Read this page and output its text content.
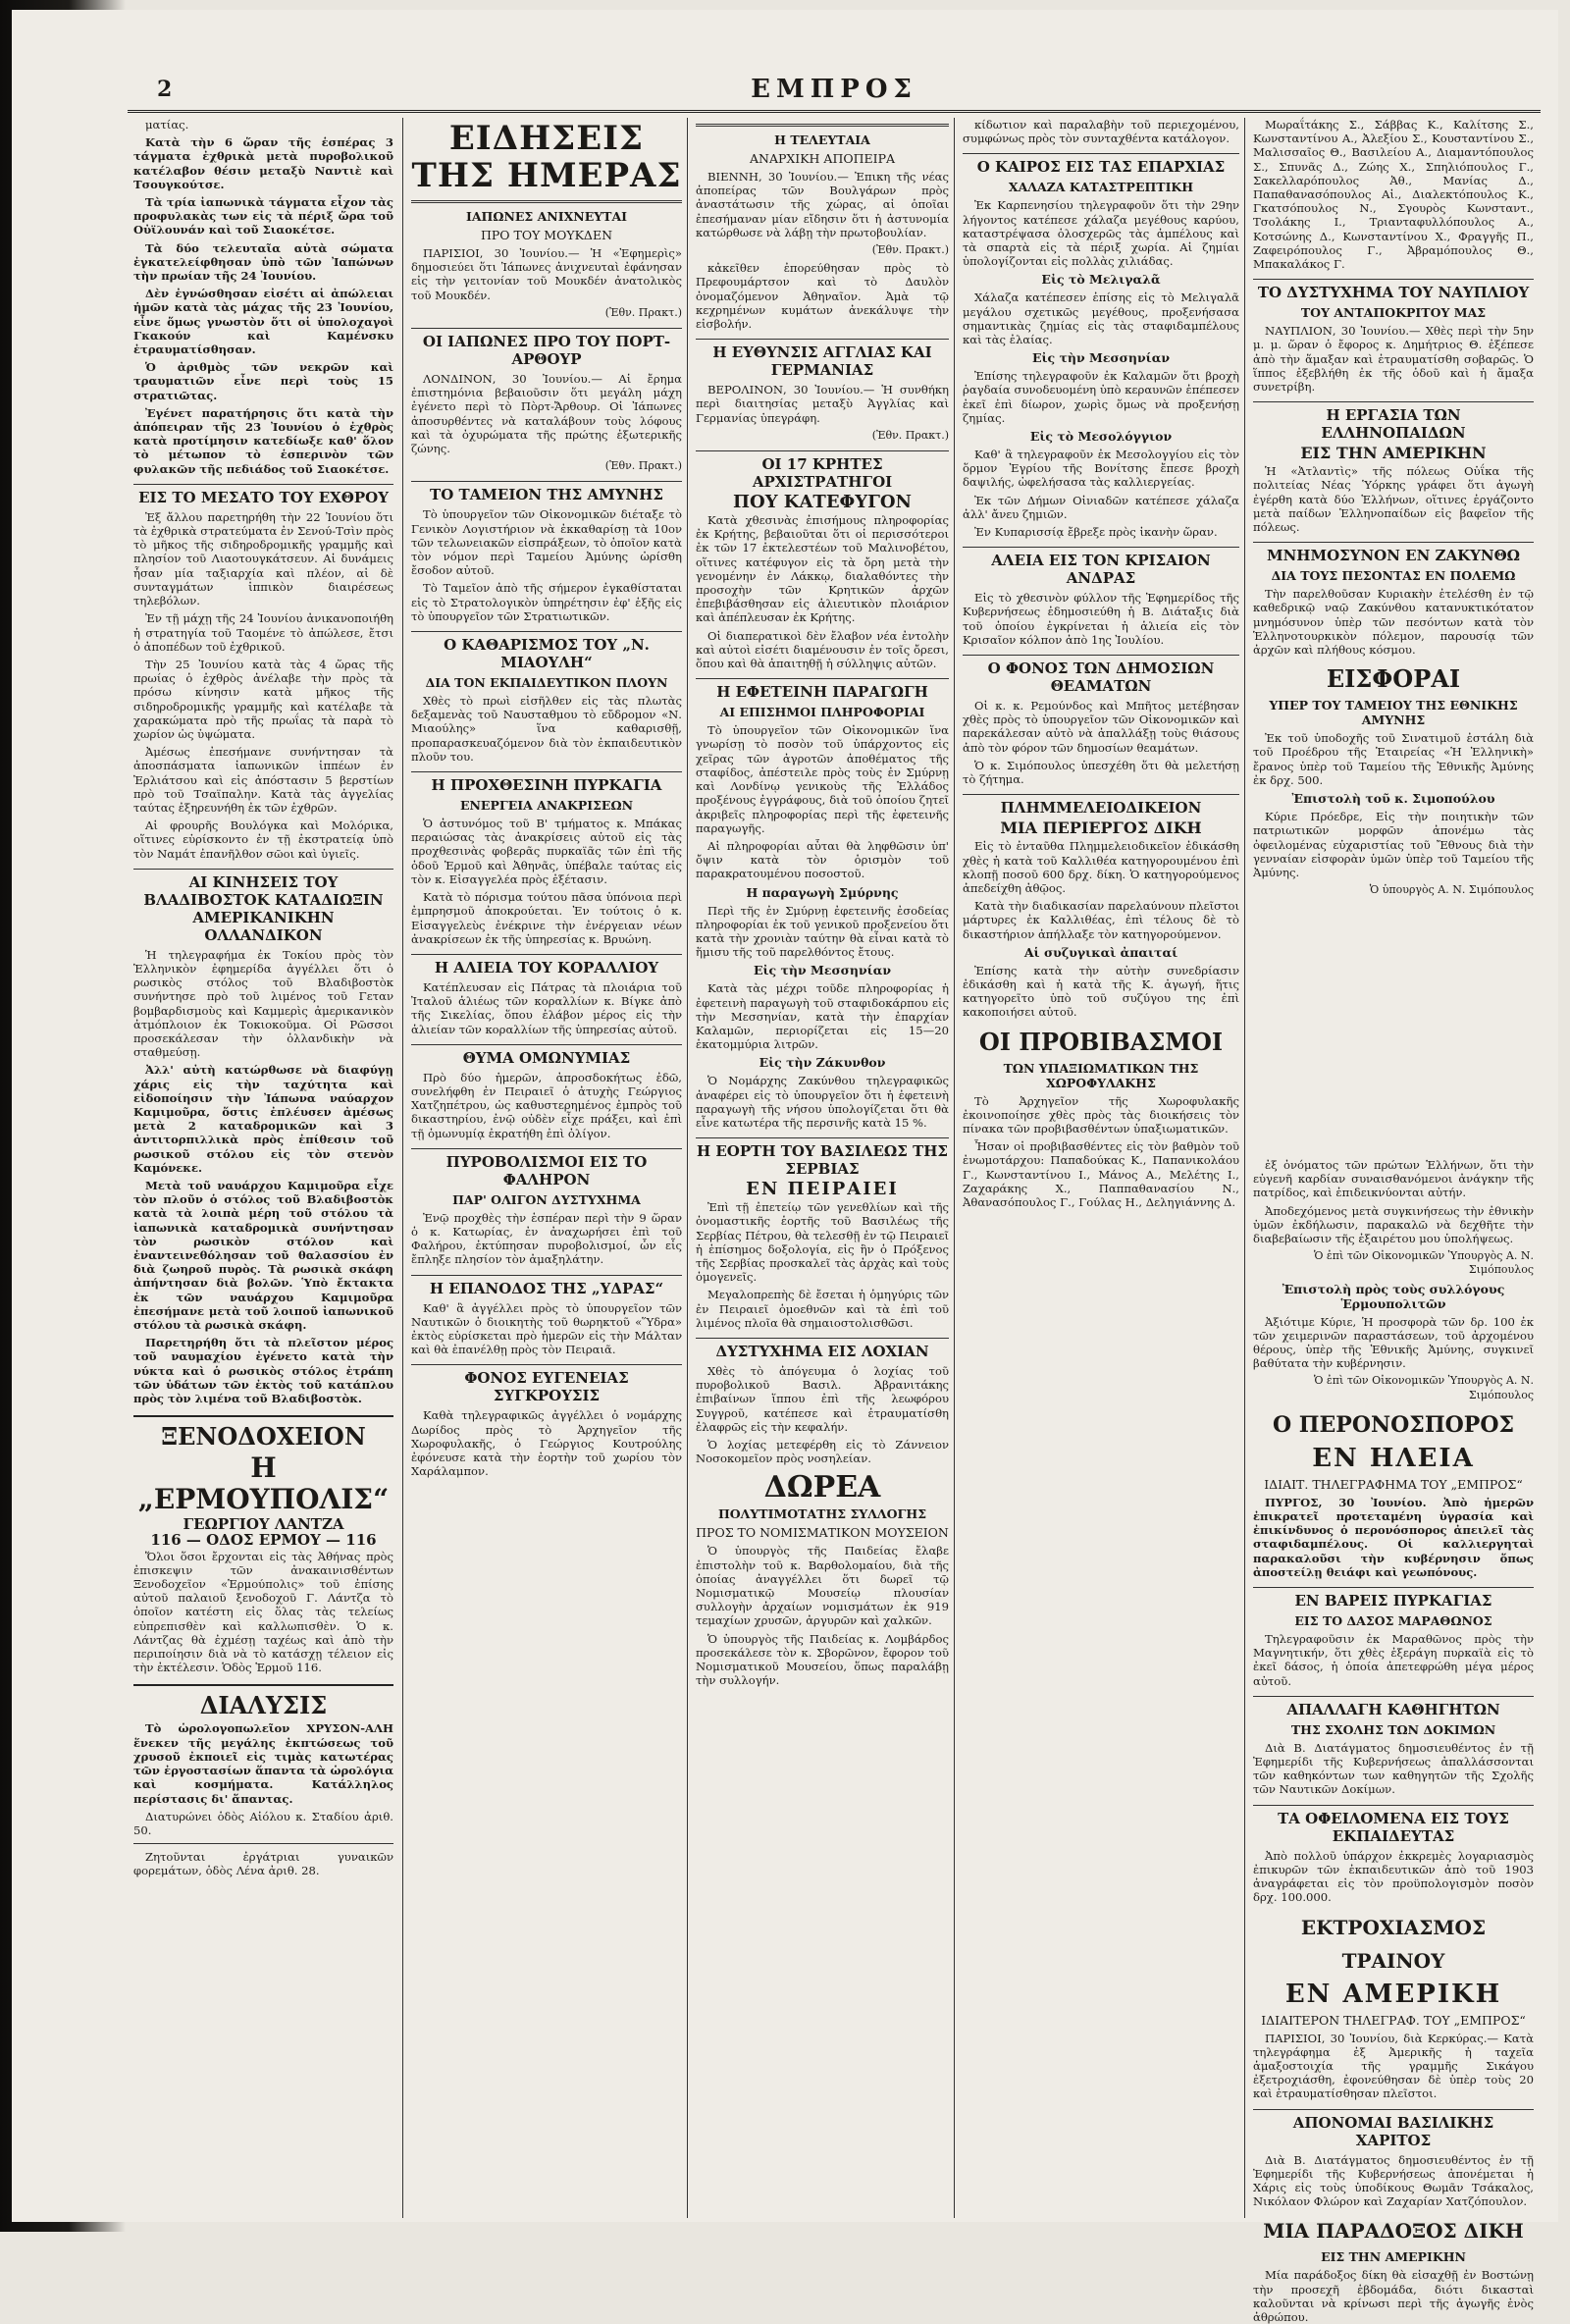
2	ΕΜΠΡΟΣ

ματίας.

Κατὰ τὴν 6 ὥραν τῆς ἑσπέρας 3 τάγματα ἐχθρικὰ μετὰ πυροβολικοῦ κατέλαβον θέσιν μεταξὺ Ναντιὲ καὶ Τσουγκούτσε.

Τὰ τρία ἰαπωνικὰ τάγματα εἶχον τὰς προφυλακὰς των εἰς τὰ πέριξ ὥρα τοῦ Οὐϊλουνάν καὶ τοῦ Σιαοκέτσε.

Τὰ δύο τελευταῖα αὐτὰ σώματα ἐγκατελείφθησαν ὑπὸ τῶν Ἰαπώνων τὴν πρωίαν τῆς 24 Ἰουνίου.

Δὲν ἐγνώσθησαν εἰσέτι αἱ ἀπώλειαι ἡμῶν κατὰ τὰς μάχας τῆς 23 Ἰουνίου, εἶνε ὅμως γνωστὸν ὅτι οἱ ὑπολοχαγοὶ Γκακούν καὶ Καμένσκυ ἐτραυματίσθησαν.

Ὁ ἀριθμὸς τῶν νεκρῶν καὶ τραυματιῶν εἶνε περὶ τοὺς 15 στρατιῶτας.

Ἐγένετ παρατήρησις ὅτι κατὰ τὴν ἀπόπειραν τῆς 23 Ἰουνίου ὁ ἐχθρὸς κατὰ προτίμησιν κατεδίωξε καθ' ὅλον τὸ μέτωπον τὸ ἑσπερινὸν τῶν φυλακῶν τῆς πεδιάδος τοῦ Σιαοκέτσε.

ΕΙΣ ΤΟ ΜΕΣΑΤΟ ΤΟΥ ΕΧΘΡΟΥ

Ἐξ ἄλλου παρετηρήθη τὴν 22 Ἰουνίου ὅτι τὰ ἐχθρικὰ στρατεύματα ἐν Σενού-Τσὶν πρὸς τὸ μῆκος τῆς σιδηροδρομικῆς γραμμῆς καὶ πλησίον τοῦ Λιαοτουγκάτσευν. Αἱ δυνάμεις ἦσαν μία ταξιαρχία καὶ πλέον, αἱ δὲ συνταγμάτων ἱππικὸν διαιρέσεως τηλεβόλων.

Ἐν τῇ μάχῃ τῆς 24 Ἰουνίου ἀνικανοποιήθη ἡ στρατηγία τοῦ Ταομένε τὸ ἀπώλεσε, ἔτσι ὁ ἀποπέδων τοῦ ἐχθρικοῦ.

Τὴν 25 Ἰουνίου κατὰ τὰς 4 ὥρας τῆς πρωίας ὁ ἐχθρὸς ἀνέλαβε τὴν πρὸς τὰ πρόσω κίνησιν κατὰ μῆκος τῆς σιδηροδρομικῆς γραμμῆς καὶ κατέλαβε τὰ χαρακώματα πρὸ τῆς πρωΐας τὰ παρὰ τὸ χωρίον ὡς ὑψώματα.

Ἀμέσως ἐπεσήμανε συνήντησαν τὰ ἀποσπάσματα ἰαπωνικῶν ἱππέων ἐν Ἐρλιάτσου καὶ εἰς ἀπόστασιν 5 βερστίων πρὸ τοῦ Τσαϊπαλην. Κατὰ τὰς ἀγγελίας ταύτας ἐξηρευνήθη ἐκ τῶν ἐχθρῶν.

Αἱ φρουρῆς Βουλόγκα καὶ Μολόρικα, οἵτινες εὑρίσκοντο ἐν τῇ ἐκστρατείᾳ ὑπὸ τὸν Ναμάτ ἐπανῆλθον σῶοι καὶ ὑγιεῖς.

ΑΙ ΚΙΝΗΣΕΙΣ ΤΟΥ ΒΛΑΔΙΒΟΣΤΟΚ ΚΑΤΑΔΙΩΞΙΝ ΑΜΕΡΙΚΑΝΙΚΗΝ ΟΛΛΑΝΔΙΚΟΝ

Ἡ τηλεγραφήμα ἐκ Τοκίου πρὸς τὸν Ἑλληνικὸν ἐφημερίδα ἀγγέλλει ὅτι ὁ ρωσικὸς στόλος τοῦ Βλαδιβοστὸκ συνήντησε πρὸ τοῦ λιμένος τοῦ Γεταν βομβαρδισμοὺς καὶ Καμμερὶς ἀμερικανικὸν ἀτμόπλοιον ἐκ Τοκιοκοῦμα. Οἱ Ρῶσσοι προσεκάλεσαν τὴν ὁλλανδικὴν νὰ σταθμεύσῃ.

Ἀλλ' αὐτὴ κατώρθωσε νὰ διαφύγῃ χάρις εἰς τὴν ταχύτητα καὶ εἰδοποίησιν τὴν Ἰάπωνα ναύαρχον Καμιμοῦρα, ὅστις ἐπλέυσεν ἀμέσως μετὰ 2 καταδρομικῶν καὶ 3 ἀντιτορπιλλικὰ πρὸς ἐπίθεσιν τοῦ ρωσικοῦ στόλου εἰς τὸν στενὸν Καμόνεκε.

Μετὰ τοῦ ναυάρχου Καμιμοῦρα εἶχε τὸν πλοῦν ὁ στόλος τοῦ Βλαδιβοστὸκ κατὰ τὰ λοιπὰ μέρη τοῦ στόλου τὰ ἰαπωνικὰ καταδρομικὰ συνήντησαν τὸν ρωσικὸν στόλον καὶ ἐναντεινεθόλησαν τοῦ θαλασσίου ἐν διὰ ζωηροῦ πυρὸς. Τὰ ρωσικὰ σκάφη ἀπήντησαν διὰ βολῶν. Ὑπὸ ἔκτακτα ἐκ τῶν ναυάρχου Καμιμοῦρα ἐπεσήμανε μετὰ τοῦ λοιποῦ ἰαπωνικοῦ στόλου τὰ ρωσικὰ σκάφη.

Παρετηρήθη ὅτι τὰ πλεῖστον μέρος τοῦ ναυμαχίου ἐγένετο κατὰ τὴν νύκτα καὶ ὁ ρωσικὸς στόλος ἐτράπη τῶν ὑδάτων τῶν ἐκτὸς τοῦ κατάπλου πρὸς τὸν λιμένα τοῦ Βλαδιβοστὸκ.

ΞΕΝΟΔΟΧΕΙΟΝ
Η „ΕΡΜΟΥΠΟΛΙΣ“
ΓΕΩΡΓΙΟΥ ΛΑΝΤΖΑ
116 — ΟΔΟΣ ΕΡΜΟΥ — 116

Ὅλοι ὅσοι ἔρχονται εἰς τὰς Ἀθήνας πρὸς ἐπισκεψιν τῶν ἀνακαινισθέντων Ξενοδοχεῖον «Ἑρμούπολις» τοῦ ἐπίσης αὐτοῦ παλαιοῦ ξενοδοχοῦ Γ. Λάντζα τὸ ὁποῖον κατέστη εἰς ὅλας τὰς τελείως εὐπρεπισθὲν καὶ καλλωπισθὲν. Ὁ κ. Λάντζας θὰ ἐχμέσῃ ταχέως καὶ ἀπὸ τὴν περιποίησιν διὰ νὰ τὸ κατάσχῃ τέλειον εἰς τὴν ἐκτέλεσιν. Ὁδὸς Ἑρμοῦ 116.

ΔΙΑΛΥΣΙΣ

Τὸ ὡρολογοπωλεῖον ΧΡΥΣΟΝ-ΑΛΗ ἕνεκεν τῆς μεγάλης ἐκπτώσεως τοῦ χρυσοῦ ἐκποιεῖ εἰς τιμὰς κατωτέρας τῶν ἐργοστασίων ἅπαντα τὰ ὡρολόγια καὶ κοσμήματα. Κατάλληλος περίστασις δι' ἅπαντας.

Διατυρώνει ὁδὸς Αἰόλου κ. Σταδίου ἀριθ. 50.

Ζητοῦνται ἐργάτριαι γυναικῶν φορεμάτων, ὁδὸς Λένα ἀριθ. 28.

ΕΙΔΗΣΕΙΣ ΤΗΣ ΗΜΕΡΑΣ
ΙΑΠΩΝΕΣ ΑΝΙΧΝΕΥΤΑΙ
ΠΡΟ ΤΟΥ ΜΟΥΚΔΕΝ

ΠΑΡΙΣΙΟΙ, 30 Ἰουνίου.— Ἡ «Ἐφημερὶς» δημοσιεύει ὅτι Ἰάπωνες ἀνιχνευταὶ ἐφάνησαν εἰς τὴν γειτονίαν τοῦ Μουκδέν ἀνατολικὸς τοῦ Μουκδέν.

(Ἐθν. Πρακτ.)
ΟΙ ΙΑΠΩΝΕΣ ΠΡΟ ΤΟΥ ΠΟΡΤ-ΑΡΘΟΥΡ

ΛΟΝΔΙΝΟΝ, 30 Ἰουνίου.— Αἱ ἔρημα ἐπιστημόνια βεβαιοῦσιν ὅτι μεγάλη μάχη ἐγένετο περὶ τὸ Πὸρτ-Ἄρθουρ. Οἱ Ἰάπωνες ἀποσυρθέντες νὰ καταλάβουν τοὺς λόφους καὶ τὰ ὀχυρώματα τῆς πρώτης ἐξωτερικῆς ζώνης.

(Ἐθν. Πρακτ.)
ΤΟ ΤΑΜΕΙΟΝ ΤΗΣ ΑΜΥΝΗΣ

Τὸ ὑπουργεῖον τῶν Οἰκονομικῶν διέταξε τὸ Γενικὸν Λογιστήριον νὰ ἐκκαθαρίσῃ τὰ 10ον τῶν τελωνειακῶν εἰσπράξεων, τὸ ὁποῖον κατὰ τὸν νόμον περὶ Ταμείου Ἀμύνης ὡρίσθη ἔσοδον αὐτοῦ.

Τὸ Ταμεῖον ἀπὸ τῆς σήμερον ἐγκαθίσταται εἰς τὸ Στρατολογικὸν ὑπηρέτησιν ἐφ' ἑξῆς εἰς τὸ ὑπουργεῖον τῶν Στρατιωτικῶν.

Ο ΚΑΘΑΡΙΣΜΟΣ ΤΟΥ „Ν. ΜΙΑΟΥΛΗ“
ΔΙΑ ΤΟΝ ΕΚΠΑΙΔΕΥΤΙΚΟΝ ΠΛΟΥΝ

Χθὲς τὸ πρωὶ εἰσῆλθεν εἰς τὰς πλωτὰς δεξαμενὰς τοῦ Ναυσταθμου τὸ εὔδρομον «Ν. Μιαούλης» ἵνα καθαρισθῇ, προπαρασκευαζόμενον διὰ τὸν ἐκπαιδευτικὸν πλοῦν του.

Η ΠΡΟΧΘΕΣΙΝΗ ΠΥΡΚΑΓΙΑ
ΕΝΕΡΓΕΙΑ ΑΝΑΚΡΙΣΕΩΝ

Ὁ ἀστυνόμος τοῦ Β' τμήματος κ. Μπάκας περαιώσας τὰς ἀνακρίσεις αὐτοῦ εἰς τὰς προχθεσινὰς φοβερᾶς πυρκαϊᾶς τῶν ἐπὶ τῆς ὁδοῦ Ἑρμοῦ καὶ Ἀθηνᾶς, ὑπέβαλε ταύτας εἰς τὸν κ. Εἰσαγγελέα πρὸς ἐξέτασιν.

Κατὰ τὸ πόρισμα τούτου πᾶσα ὑπόνοια περὶ ἐμπρησμοῦ ἀποκρούεται. Ἐν τούτοις ὁ κ. Εἰσαγγελεὺς ἐνέκρινε τὴν ἐνέργειαν νέων ἀνακρίσεων ἐκ τῆς ὑπηρεσίας κ. Βρυώνη.

Η ΑΛΙΕΙΑ ΤΟΥ ΚΟΡΑΛΛΙΟΥ

Κατέπλευσαν εἰς Πάτρας τὰ πλοιάρια τοῦ Ἰταλοῦ ἁλιέως τῶν κοραλλίων κ. Βίγκε ἀπὸ τῆς Σικελίας, ὅπου ἐλάβον μέρος εἰς τὴν ἁλιείαν τῶν κοραλλίων τῆς ὑπηρεσίας αὐτοῦ.

ΘΥΜΑ ΟΜΩΝΥΜΙΑΣ

Πρὸ δύο ἡμερῶν, ἀπροσδοκήτως ἐδῶ, συνελήφθη ἐν Πειραιεῖ ὁ ἀτυχὴς Γεώργιος Χατζηπέτρου, ὡς καθυστερημένος ἐμπρὸς τοῦ δικαστηρίου, ἐνῷ οὐδὲν εἶχε πράξει, καὶ ἐπὶ τῇ ὁμωνυμίᾳ ἐκρατήθη ἐπὶ ὀλίγον.

ΠΥΡΟΒΟΛΙΣΜΟΙ ΕΙΣ ΤΟ ΦΑΛΗΡΟΝ
ΠΑΡ' ΟΛΙΓΟΝ ΔΥΣΤΥΧΗΜΑ

Ἐνῷ πρoχθὲς τὴν ἑσπέραν περὶ τὴν 9 ὥραν ὁ κ. Κατωρίας, ἐν ἀναχωρήσει ἐπὶ τοῦ Φαλήρου, ἐκτύπησαν πυροβολισμοί, ὧν εἷς ἔπληξε πλησίον τὸν ἀμαξηλάτην.

Η ΕΠΑΝΟΔΟΣ ΤΗΣ „ΥΔΡΑΣ“

Καθ' ἃ ἀγγέλλει πρὸς τὸ ὑπουργεῖον τῶν Ναυτικῶν ὁ διοικητὴς τοῦ θωρηκτοῦ «Ὕδρα» ἐκτὸς εὑρίσκεται πρὸ ἡμερῶν εἰς τὴν Μάλταν καὶ θὰ ἐπανέλθῃ πρὸς τὸν Πειραιᾶ.

ΦΟΝΟΣ ΕΥΓΕΝΕΙΑΣ ΣΥΓΚΡΟΥΣΙΣ

Καθὰ τηλεγραφικῶς ἀγγέλλει ὁ νομάρχης Δωρίδος πρὸς τὸ Ἀρχηγεῖον τῆς Χωροφυλακῆς, ὁ Γεώργιος Κουτρούλης ἐφόνευσε κατὰ τὴν ἐορτὴν τοῦ χωρίου τὸν Χαράλαμπον.

Η ΤΕΛΕΥΤΑΙΑ
ΑΝΑΡΧΙΚΗ ΑΠΟΠΕΙΡΑ

ΒΙΕΝΝΗ, 30 Ἰουνίου.— Ἐπικη τῆς νέας ἀποπείρας τῶν Βουλγάρων πρὸς ἀναστάτωσιν τῆς χώρας, αἱ ὁποῖαι ἐπεσήμαναν μίαν εἴδησιν ὅτι ἡ ἀστυνομία κατώρθωσε νὰ λάβῃ τὴν πρωτοβουλίαν.

(Ἐθν. Πρακτ.)

κἀκεῖθεν ἐπορεύθησαν πρὸς τὸ Πρεφουμάρτσον καὶ τὸ Δαυλὸν ὀνομαζόμενον Ἀθηναῖον. Ἀμὰ τῷ κεχρημένων κυμάτων ἀνεκάλυψε τὴν εἰσβολήν.

Η ΕΥΘΥΝΣΙΣ ΑΓΓΛΙΑΣ ΚΑΙ ΓΕΡΜΑΝΙΑΣ

ΒΕΡΟΛΙΝΟΝ, 30 Ἰουνίου.— Ἡ συνθήκη περὶ διαιτησίας μεταξὺ Ἀγγλίας καὶ Γερμανίας ὑπεγράφη.

(Ἐθν. Πρακτ.)
ΟΙ 17 ΚΡΗΤΕΣ ΑΡΧΙΣΤΡΑΤΗΓΟΙ
ΠΟΥ ΚΑΤΕΦΥΓΟΝ

Κατὰ χθεσινὰς ἐπισήμους πληροφορίας ἐκ Κρήτης, βεβαιοῦται ὅτι οἱ περισσότεροι ἐκ τῶν 17 ἐκτελεστέων τοῦ Μαλινοβέτου, οἵτινες κατέφυγον εἰς τὰ ὄρη μετὰ τὴν γενομένην ἐν Λάκκῳ, διαλαθόντες τὴν προσοχὴν τῶν Κρητικῶν ἀρχῶν ἐπεβιβάσθησαν εἰς ἁλιευτικὸν πλοιάριον καὶ ἀπέπλευσαν ἐκ Κρήτης.

Οἱ διαπερατικοὶ δὲν ἔλαβον νέα ἐντολὴν καὶ αὐτοὶ εἰσέτι διαμένουσιν ἐν τοῖς ὄρεσι, ὅπου καὶ θὰ ἀπαιτηθῇ ἡ σύλληψις αὐτῶν.

Η ΕΦΕΤΕΙΝΗ ΠΑΡΑΓΩΓΗ
ΑΙ ΕΠΙΣΗΜΟΙ ΠΛΗΡΟΦΟΡΙΑΙ

Τὸ ὑπουργεῖον τῶν Οἰκονομικῶν ἵνα γνωρίσῃ τὸ ποσὸν τοῦ ὑπάρχοντος εἰς χεῖρας τῶν ἀγροτῶν ἀποθέματος τῆς σταφίδος, ἀπέστειλε πρὸς τοὺς ἐν Σμύρνῃ καὶ Λονδίνῳ γενικοὺς τῆς Ἑλλάδος προξένους ἐγγράφους, διὰ τοῦ ὁποίου ζητεῖ ἀκριβεῖς πληροφορίας περὶ τῆς ἐφετεινῆς παραγωγῆς.

Αἱ πληροφορίαι αὗται θὰ ληφθῶσιν ὑπ' ὄψιν κατὰ τὸν ὁρισμὸν τοῦ παρακρατουμένου ποσοστοῦ.

Η παραγωγὴ Σμύρνης

Περὶ τῆς ἐν Σμύρνῃ ἐφετεινῆς ἐσοδείας πληροφορίαι ἐκ τοῦ γενικοῦ προξενείου ὅτι κατὰ τὴν χρονιὰν ταύτην θὰ εἶναι κατὰ τὸ ἥμισυ τῆς τοῦ παρελθόντος ἔτους.

Εἰς τὴν Μεσσηνίαν

Κατὰ τὰς μέχρι τοῦδε πληροφορίας ἡ ἐφετεινὴ παραγωγὴ τοῦ σταφιδοκάρπου εἰς τὴν Μεσσηνίαν, κατὰ τὴν ἐπαρχίαν Καλαμῶν, περιορίζεται εἰς 15—20 ἑκατομμύρια λιτρῶν.

Εἰς τὴν Ζάκυνθον

Ὁ Νομάρχης Ζακύνθου τηλεγραφικῶς ἀναφέρει εἰς τὸ ὑπουργεῖον ὅτι ἡ ἐφετεινὴ παραγωγὴ τῆς νήσου ὑπολογίζεται ὅτι θὰ εἶνε κατωτέρα τῆς περσινῆς κατὰ 15 %.

Η ΕΟΡΤΗ ΤΟΥ ΒΑΣΙΛΕΩΣ ΤΗΣ ΣΕΡΒΙΑΣ
ΕΝ ΠΕΙΡΑΙΕΙ

Ἐπὶ τῇ ἐπετείῳ τῶν γενεθλίων καὶ τῆς ὀνομαστικῆς ἑορτῆς τοῦ Βασιλέως τῆς Σερβίας Πέτρου, θὰ τελεσθῇ ἐν τῷ Πειραιεῖ ἡ ἐπίσημος δοξολογία, εἰς ἣν ὁ Πρόξενος τῆς Σερβίας προσκαλεῖ τὰς ἀρχὰς καὶ τοὺς ὁμογενεῖς.

Μεγαλοπρεπὴς δὲ ἔσεται ἡ ὁμηγύρις τῶν ἐν Πειραιεῖ ὁμοεθνῶν καὶ τὰ ἐπὶ τοῦ λιμένος πλοῖα θὰ σημαιοστολισθῶσι.

ΔΥΣΤΥΧΗΜΑ ΕΙΣ ΛΟΧΙΑΝ

Χθὲς τὸ ἀπόγευμα ὁ λοχίας τοῦ πυροβολικοῦ Βασιλ. Ἀβρανιτάκης ἐπιβαίνων ἵππου ἐπὶ τῆς λεωφόρου Συγγροῦ, κατέπεσε καὶ ἐτραυματίσθη ἐλαφρῶς εἰς τὴν κεφαλήν.

Ὁ λοχίας μετεφέρθη εἰς τὸ Ζάννειον Νοσοκομεῖον πρὸς νοσηλείαν.

ΔΩΡΕΑ
ΠΟΛΥΤΙΜΟΤΑΤΗΣ ΣΥΛΛΟΓΗΣ
ΠΡΟΣ ΤΟ ΝΟΜΙΣΜΑΤΙΚΟΝ ΜΟΥΣΕΙΟΝ

Ὁ ὑπουργὸς τῆς Παιδείας ἔλαβε ἐπιστολὴν τοῦ κ. Βαρθολομαίου, διὰ τῆς ὁποίας ἀναγγέλλει ὅτι δωρεῖ τῷ Νομισματικῷ Μουσείῳ πλουσίαν συλλογὴν ἀρχαίων νομισμάτων ἐκ 919 τεμαχίων χρυσῶν, ἀργυρῶν καὶ χαλκῶν.

Ὁ ὑπουργὸς τῆς Παιδείας κ. Λομβάρδος προσεκάλεσε τὸν κ. Σβορῶνον, ἔφορον τοῦ Νομισματικοῦ Μουσείου, ὅπως παραλάβῃ τὴν συλλογήν.

κίδωτιον καὶ παραλαβὴν τοῦ περιεχομένου, συμφώνως πρὸς τὸν συνταχθέντα κατάλογον.

Ο ΚΑΙΡΟΣ ΕΙΣ ΤΑΣ ΕΠΑΡΧΙΑΣ
ΧΑΛΑΖΑ ΚΑΤΑΣΤΡΕΠΤΙΚΗ

Ἐκ Καρπενησίου τηλεγραφοῦν ὅτι τὴν 29ην λήγοντος κατέπεσε χάλαζα μεγέθους καρύου, καταστρέψασα ὁλοσχερῶς τὰς ἀμπέλους καὶ τὰ σπαρτὰ εἰς τὰ πέριξ χωρία. Αἱ ζημίαι ὑπολογίζονται εἰς πολλὰς χιλιάδας.

Εἰς τὸ Μελιγαλᾶ

Χάλαζα κατέπεσεν ἐπίσης εἰς τὸ Μελιγαλᾶ μεγάλου σχετικῶς μεγέθους, προξενήσασα σημαντικὰς ζημίας εἰς τὰς σταφιδαμπέλους καὶ τὰς ἐλαίας.

Εἰς τὴν Μεσσηνίαν

Ἐπίσης τηλεγραφοῦν ἐκ Καλαμῶν ὅτι βροχὴ ῥαγδαία συνοδευομένη ὑπὸ κεραυνῶν ἐπέπεσεν ἐκεῖ ἐπὶ δίωρον, χωρὶς ὅμως νὰ προξενήσῃ ζημίας.

Εἰς τὸ Μεσολόγγιον

Καθ' ἃ τηλεγραφοῦν ἐκ Μεσολογγίου εἰς τὸν ὅρμον Ἐγρίου τῆς Βονίτσης ἔπεσε βροχὴ δαψιλής, ὠφελήσασα τὰς καλλιεργείας.

Ἐκ τῶν Δήμων Οἰνιαδῶν κατέπεσε χάλαζα ἀλλ' ἄνευ ζημιῶν.

Ἐν Κυπαρισσίᾳ ἔβρεξε πρὸς ἱκανὴν ὥραν.

ΑΛΕΙΑ ΕΙΣ ΤΟΝ ΚΡΙΣΑΙΟΝ ΑΝΔΡΑΣ

Εἰς τὸ χθεσινὸν φύλλον τῆς Ἐφημερίδος τῆς Κυβερνήσεως ἐδημοσιεύθη ἡ Β. Διάταξις διὰ τοῦ ὁποίου ἐγκρίνεται ἡ ἁλιεία εἰς τὸν Κρισαῖον κόλπον ἀπὸ 1ης Ἰουλίου.

Ο ΦΟΝΟΣ ΤΩΝ ΔΗΜΟΣΙΩΝ ΘΕΑΜΑΤΩΝ

Οἱ κ. κ. Ρεμούνδος καὶ Μπῆτος μετέβησαν χθὲς πρὸς τὸ ὑπουργεῖον τῶν Οἰκονομικῶν καὶ παρεκάλεσαν αὐτὸ νὰ ἀπαλλάξῃ τοὺς θιάσους ἀπὸ τὸν φόρον τῶν δημοσίων θεαμάτων.

Ὁ κ. Σιμόπουλος ὑπεσχέθη ὅτι θὰ μελετήσῃ τὸ ζήτημα.

ΠΛΗΜΜΕΛΕΙΟΔΙΚΕΙΟΝ
ΜΙΑ ΠΕΡΙΕΡΓΟΣ ΔΙΚΗ

Εἰς τὸ ἐνταῦθα Πλημμελειοδικεῖον ἐδικάσθη χθὲς ἡ κατὰ τοῦ Καλλιθέα κατηγορουμένου ἐπὶ κλοπῇ ποσοῦ 600 δρχ. δίκη. Ὁ κατηγορούμενος ἀπεδείχθη ἀθῷος.

Κατὰ τὴν διαδικασίαν παρελαύνουν πλεῖστοι μάρτυρες ἐκ Καλλιθέας, ἐπὶ τέλους δὲ τὸ δικαστήριον ἀπήλλαξε τὸν κατηγορούμενον.

Αἱ συζυγικαὶ ἀπαιταί

Ἐπίσης κατὰ τὴν αὐτὴν συνεδρίασιν ἐδικάσθη καὶ ἡ κατὰ τῆς Κ. ἀγωγή, ἥτις κατηγορεῖτο ὑπὸ τοῦ συζύγου της ἐπὶ κακοποιήσει αὐτοῦ.

ΟΙ ΠΡΟΒΙΒΑΣΜΟΙ
ΤΩΝ ΥΠΑΞΙΩΜΑΤΙΚΩΝ ΤΗΣ ΧΩΡΟΦΥΛΑΚΗΣ

Τὸ Ἀρχηγεῖον τῆς Χωροφυλακῆς ἐκοινοποίησε χθὲς πρὸς τὰς διοικήσεις τὸν πίνακα τῶν προβιβασθέντων ὑπαξιωματικῶν.

Ἦσαν οἱ προβιβασθέντες εἰς τὸν βαθμὸν τοῦ ἐνωμοτάρχου: Παπαδούκας Κ., Παπανικολάου Γ., Κωνσταντίνου Ι., Μάνος Α., Μελέτης Ι., Ζαχαράκης Χ., Παππαθανασίου Ν., Ἀθανασόπουλος Γ., Γούλας Η., Δεληγιάννης Δ.

Μωραΐτάκης Σ., Σάββας Κ., Καλίτσης Σ., Κωνσταντίνου Α., Ἀλεξίου Σ., Κουσταντίνου Σ., Μαλισσαῖος Θ., Βασιλείου Α., Διαμαντόπουλος Σ., Σπυνᾶς Δ., Ζώης Χ., Σπηλιόπουλος Γ., Σακελλαρόπουλος Ἀθ., Μανίας Δ., Παπαθανασόπουλος Αἰ., Διαλεκτόπουλος Κ., Γκατσόπουλος Ν., Σγουρὸς Κωνσταντ., Τσολάκης Ι., Τριανταφυλλόπουλος Α., Κοτσώνης Δ., Κωνσταντίνου Χ., Φραγγῆς Π., Ζαφειρόπουλος Γ., Ἀβραμόπουλος Θ., Μπακαλάκος Γ.

ΤΟ ΔΥΣΤΥΧΗΜΑ ΤΟΥ ΝΑΥΠΛΙΟΥ
ΤΟΥ ΑΝΤΑΠΟΚΡΙΤΟΥ ΜΑΣ

ΝΑΥΠΛΙΟΝ, 30 Ἰουνίου.— Χθὲς περὶ τὴν 5ην μ. μ. ὥραν ὁ ἔφορος κ. Δημήτριος Θ. ἐξέπεσε ἀπὸ τὴν ἅμαξαν καὶ ἐτραυματίσθη σοβαρῶς. Ὁ ἵππος ἐξεβλήθη ἐκ τῆς ὁδοῦ καὶ ἡ ἅμαξα συνετρίβη.

Η ΕΡΓΑΣΙΑ ΤΩΝ ΕΛΛΗΝΟΠΑΙΔΩΝ
ΕΙΣ ΤΗΝ ΑΜΕΡΙΚΗΝ

Ἡ «Ἀτλαντὶς» τῆς πόλεως Οὐΐκα τῆς πολιτείας Νέας Ὑόρκης γράφει ὅτι ἀγωγὴ ἐγέρθη κατὰ δύο Ἑλλήνων, οἵτινες ἐργάζοντο μετὰ παίδων Ἑλληνοπαίδων εἰς βαφεῖον τῆς πόλεως.

ΜΝΗΜΟΣΥΝΟΝ ΕΝ ΖΑΚΥΝΘΩ
ΔΙΑ ΤΟΥΣ ΠΕΣΟΝΤΑΣ ΕΝ ΠΟΛΕΜΩ

Τὴν παρελθοῦσαν Κυριακὴν ἐτελέσθη ἐν τῷ καθεδρικῷ ναῷ Ζακύνθου κατανυκτικότατον μνημόσυνον ὑπὲρ τῶν πεσόντων κατὰ τὸν Ἑλληνοτουρκικὸν πόλεμον, παρουσίᾳ τῶν ἀρχῶν καὶ πλήθους κόσμου.

ΕΙΣΦΟΡΑΙ
ΥΠΕΡ ΤΟΥ ΤΑΜΕΙΟΥ ΤΗΣ ΕΘΝΙΚΗΣ ΑΜΥΝΗΣ

Ἐκ τοῦ ὑποδοχῆς τοῦ Σινατιμοῦ ἐστάλη διὰ τοῦ Προέδρου τῆς Ἑταιρείας «Ἡ Ἑλληνικὴ» ἔρανος ὑπὲρ τοῦ Ταμείου τῆς Ἐθνικῆς Ἀμύνης ἐκ δρχ. 500.

Ἐπιστολὴ τοῦ κ. Σιμοπούλου

Κύριε Πρόεδρε, Εἰς τὴν ποιητικὴν τῶν πατριωτικῶν μορφῶν ἀπονέμω τὰς ὀφειλομένας εὐχαριστίας τοῦ Ἔθνους διὰ τὴν γενναίαν εἰσφορὰν ὑμῶν ὑπὲρ τοῦ Ταμείου τῆς Ἀμύνης.

Ὁ ὑπουργὸς Α. Ν. Σιμόπουλος

ἐξ ὀνόματος τῶν πρώτων Ἑλλήνων, ὅτι τὴν εὐγενῆ καρδίαν συναισθανόμενοι ἀνάγκην τῆς πατρίδος, καὶ ἐπιδεικνύονται αὐτήν.

Ἀποδεχόμενος μετὰ συγκινήσεως τὴν ἐθνικὴν ὑμῶν ἐκδήλωσιν, παρακαλῶ νὰ δεχθῆτε τὴν διαβεβαίωσιν τῆς ἐξαιρέτου μου ὑπολήψεως.

Ὁ ἐπὶ τῶν Οἰκονομικῶν Ὑπουργὸς Α. Ν. Σιμόπουλος
Ἐπιστολὴ πρὸς τοὺς συλλόγους Ἑρμουπολιτῶν

Ἀξιότιμε Κύριε, Ἡ προσφορὰ τῶν δρ. 100 ἐκ τῶν χειμερινῶν παραστάσεων, τοῦ ἀρχομένου θέρους, ὑπὲρ τῆς Ἐθνικῆς Ἀμύνης, συγκινεῖ βαθύτατα τὴν κυβέρνησιν.

Ὁ ἐπὶ τῶν Οἰκονομικῶν Ὑπουργὸς Α. Ν. Σιμόπουλος
Ο ΠΕΡΟΝΟΣΠΟΡΟΣ
ΕΝ ΗΛΕΙΑ
ΙΔΙΑΙΤ. ΤΗΛΕΓΡΑΦΗΜΑ ΤΟΥ „ΕΜΠΡΟΣ“

ΠΥΡΓΟΣ, 30 Ἰουνίου. Ἀπὸ ἡμερῶν ἐπικρατεῖ προτεταμένη ὑγρασία καὶ ἐπικίνδυνος ὁ περονόσπορος ἀπειλεῖ τὰς σταφιδαμπέλους. Οἱ καλλιεργηταὶ παρακαλοῦσι τὴν κυβέρνησιν ὅπως ἀποστείλῃ θειάφι καὶ γεωπόνους.

ΕΝ ΒΑΡΕΙΣ ΠΥΡΚΑΓΙΑΣ
ΕΙΣ ΤΟ ΔΑΣΟΣ ΜΑΡΑΘΩΝΟΣ

Τηλεγραφοῦσιν ἐκ Μαραθῶνος πρὸς τὴν Μαγνητικήν, ὅτι χθὲς ἐξεράγη πυρκαϊὰ εἰς τὸ ἐκεῖ δάσος, ἡ ὁποία ἀπετεφρώθη μέγα μέρος αὐτοῦ.

ΑΠΑΛΛΑΓΗ ΚΑΘΗΓΗΤΩΝ
ΤΗΣ ΣΧΟΛΗΣ ΤΩΝ ΔΟΚΙΜΩΝ

Διὰ Β. Διατάγματος δημοσιευθέντος ἐν τῇ Ἐφημερίδι τῆς Κυβερνήσεως ἀπαλλάσσονται τῶν καθηκόντων των καθηγητῶν τῆς Σχολῆς τῶν Ναυτικῶν Δοκίμων.

ΤΑ ΟΦΕΙΛΟΜΕΝΑ ΕΙΣ ΤΟΥΣ ΕΚΠΑΙΔΕΥΤΑΣ

Ἀπὸ πολλοῦ ὑπάρχον ἐκκρεμὲς λογαριασμὸς ἐπικυρῶν τῶν ἐκπαιδευτικῶν ἀπὸ τοῦ 1903 ἀναγράφεται εἰς τὸν προϋπολογισμὸν ποσὸν δρχ. 100.000.

ΕΚΤΡΟΧΙΑΣΜΟΣ ΤΡΑΙΝΟΥ
ΕΝ ΑΜΕΡΙΚΗ
ΙΔΙΑΙΤΕΡΟΝ ΤΗΛΕΓΡΑΦ. ΤΟΥ „ΕΜΠΡΟΣ“

ΠΑΡΙΣΙΟΙ, 30 Ἰουνίου, διὰ Κερκύρας.— Κατὰ τηλεγράφημα ἐξ Ἀμερικῆς ἡ ταχεῖα ἁμαξοστοιχία τῆς γραμμῆς Σικάγου ἐξετροχιάσθη, ἐφονεύθησαν δὲ ὑπὲρ τοὺς 20 καὶ ἐτραυματίσθησαν πλεῖστοι.

ΑΠΟΝΟΜΑΙ ΒΑΣΙΛΙΚΗΣ ΧΑΡΙΤΟΣ

Διὰ Β. Διατάγματος δημοσιευθέντος ἐν τῇ Ἐφημερίδι τῆς Κυβερνήσεως ἀπονέμεται ἡ Χάρις εἰς τοὺς ὑποδίκους Θωμᾶν Τσάκαλος, Νικόλαον Φλώρον καὶ Ζαχαρίαν Χατζόπουλον.

ΜΙΑ ΠΑΡΑΔΟΞΟΣ ΔΙΚΗ
ΕΙΣ ΤΗΝ ΑΜΕΡΙΚΗΝ

Μία παράδοξος δίκη θὰ εἰσαχθῇ ἐν Βοστώνῃ τὴν προσεχῆ ἑβδομάδα, διότι δικασταὶ καλοῦνται νὰ κρίνωσι περὶ τῆς ἀγωγῆς ἑνὸς ἀθρώπου.
